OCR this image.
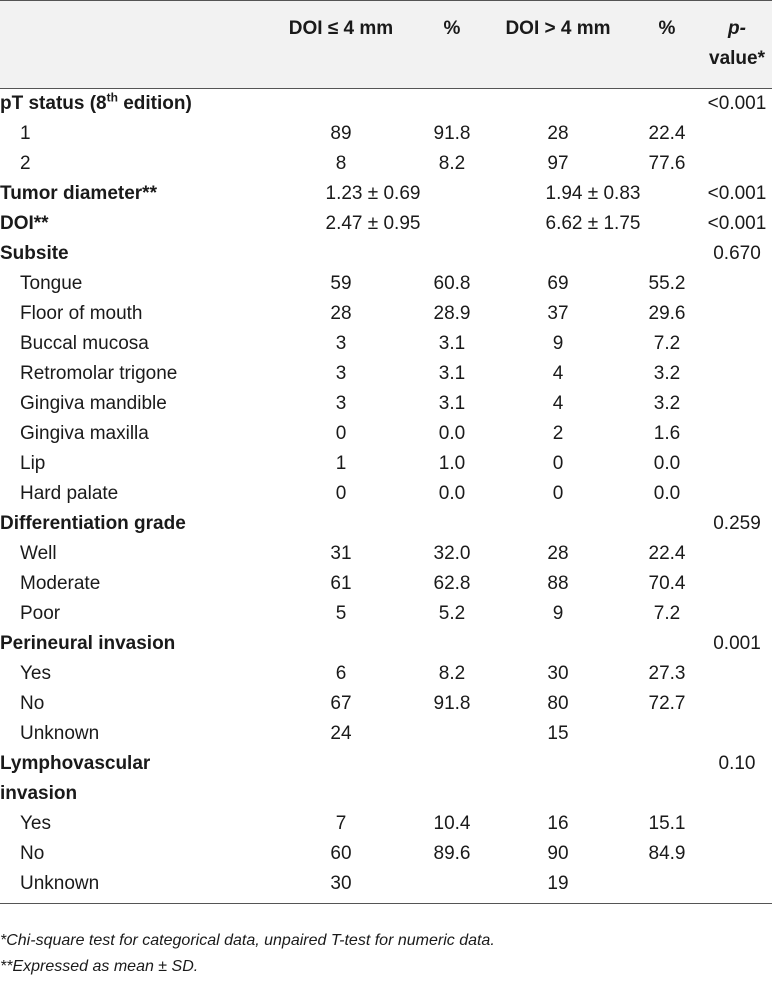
	DOI ≤ 4 mm	%	DOI > 4 mm	%	p-
value*
pT status (8th edition)					<0.001
1	89	91.8	28	22.4	
2	8	8.2	97	77.6	
Tumor diameter**	1.23 ± 0.69		1.94 ± 0.83		<0.001
DOI**	2.47 ± 0.95		6.62 ± 1.75		<0.001
Subsite					0.670
Tongue	59	60.8	69	55.2	
Floor of mouth	28	28.9	37	29.6	
Buccal mucosa	3	3.1	9	7.2	
Retromolar trigone	3	3.1	4	3.2	
Gingiva mandible	3	3.1	4	3.2	
Gingiva maxilla	0	0.0	2	1.6	
Lip	1	1.0	0	0.0	
Hard palate	0	0.0	0	0.0	
Differentiation grade					0.259
Well	31	32.0	28	22.4	
Moderate	61	62.8	88	70.4	
Poor	5	5.2	9	7.2	
Perineural invasion					0.001
Yes	6	8.2	30	27.3	
No	67	91.8	80	72.7	
Unknown	24		15		
Lymphovascular					0.10
invasion					
Yes	7	10.4	16	15.1	
No	60	89.6	90	84.9	
Unknown	30		19		
*Chi-square test for categorical data, unpaired T-test for numeric data.
**Expressed as mean ± SD.
